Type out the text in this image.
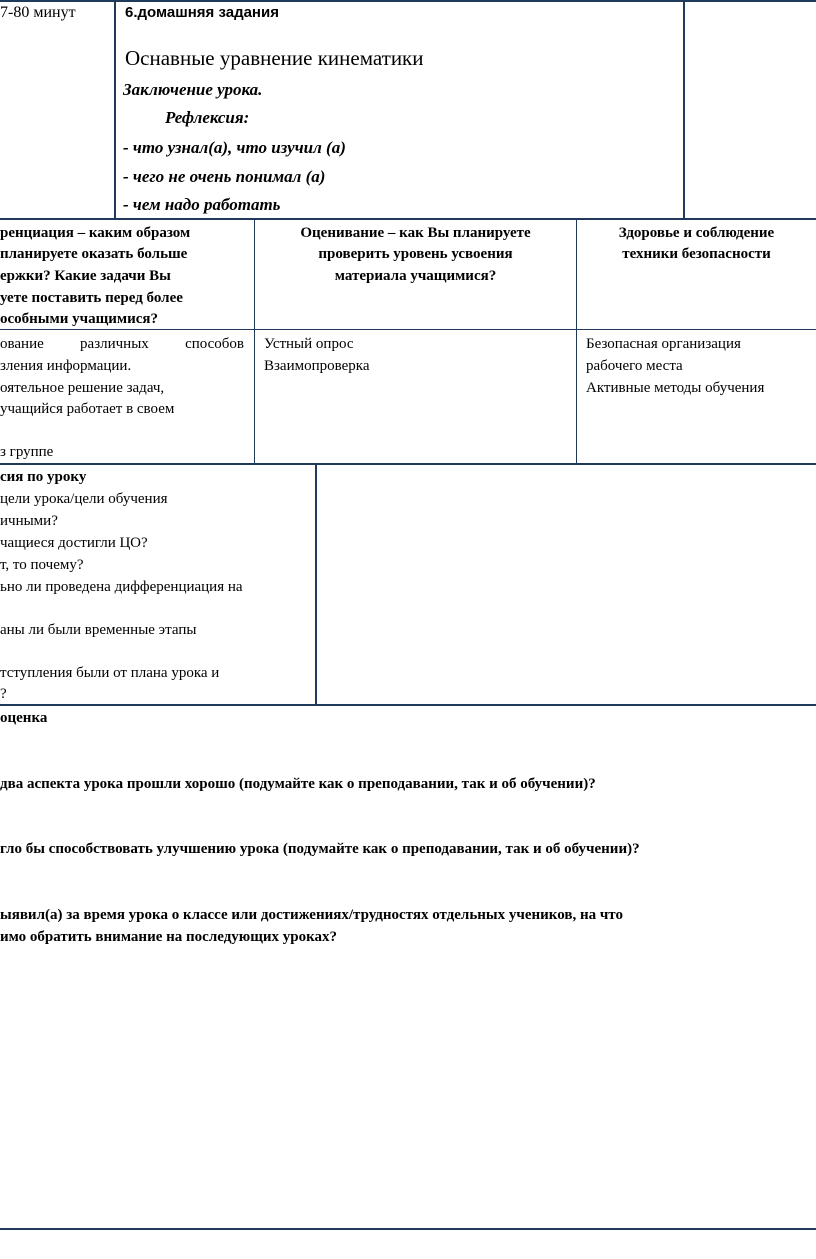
7-80 минут	6.домашняя задания
Оснавные уравнение кинематики
Заключение урока.
Рефлексия:
- что узнал(а), что изучил (а)
- чего не очень понимал (а)
- чем надо работать
ренциация – каким образом
планируете оказать больше
ержки? Какие задачи Вы
уете поставить перед более
особными учащимися?
Оценивание – как Вы планируете
проверить уровень усвоения
материала учащимися?
Здоровье и соблюдение
техники безопасности
ование различных способов
зления информации.
оятельное решение задач,
учащийся работает в своем
з группе
Устный опрос
Взаимопроверка
Безопасная организация
рабочего места
Активные методы обучения
сия по уроку
цели урока/цели обучения
ичными?
чащиеся достигли ЦО?
т, то почему?
ьно ли проведена дифференциация на
аны ли были временные этапы
тступления были от плана урока и
?
оценка
два аспекта урока прошли хорошо (подумайте как о преподавании, так и об обучении)?
гло бы способствовать улучшению урока (подумайте как о преподавании, так и об обучении)?
ыявил(а) за время урока о классе или достижениях/трудностях отдельных учеников, на что
имо обратить внимание на последующих уроках?
